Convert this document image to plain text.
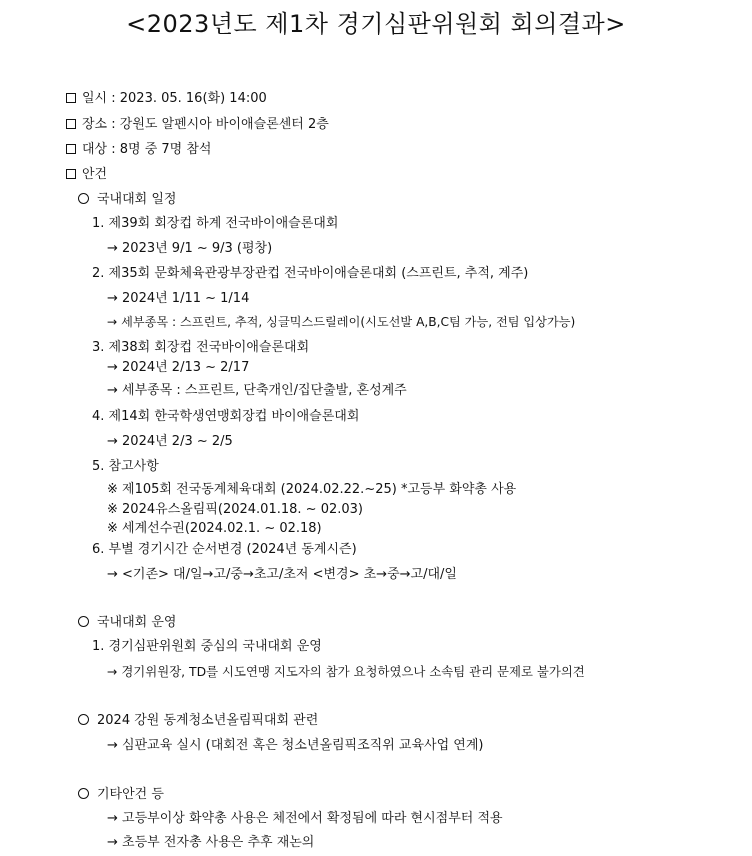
<2023년도 제1차 경기심판위원회 회의결과>
일시 : 2023. 05. 16(화) 14:00
장소 : 강원도 알펜시아 바이애슬론센터 2층
대상 : 8명 중 7명 참석
안건
국내대회 일정
1. 제39회 회장컵 하계 전국바이애슬론대회
→ 2023년 9/1 ~ 9/3 (평창)
2. 제35회 문화체육관광부장관컵 전국바이애슬론대회 (스프린트, 추적, 계주)
→ 2024년 1/11 ~ 1/14
→ 세부종목 : 스프린트, 추적, 싱글믹스드릴레이(시도선발 A,B,C팀 가능, 전팀 입상가능)
3. 제38회 회장컵 전국바이애슬론대회
→ 2024년 2/13 ~ 2/17
→ 세부종목 : 스프린트, 단축개인/집단출발, 혼성계주
4. 제14회 한국학생연맹회장컵 바이애슬론대회
→ 2024년 2/3 ~ 2/5
5. 참고사항
※ 제105회 전국동계체육대회 (2024.02.22.~25) *고등부 화약총 사용
※ 2024유스올림픽(2024.01.18. ~ 02.03)
※ 세계선수권(2024.02.1. ~ 02.18)
6. 부별 경기시간 순서변경 (2024년 동계시즌)
→ <기존> 대/일→고/중→초고/초저 <변경> 초→중→고/대/일
국내대회 운영
1. 경기심판위원회 중심의 국내대회 운영
→ 경기위원장, TD를 시도연맹 지도자의 참가 요청하였으나 소속팀 관리 문제로 불가의견
2024 강원 동계청소년올림픽대회 관련
→ 심판교육 실시 (대회전 혹은 청소년올림픽조직위 교육사업 연계)
기타안건 등
→ 고등부이상 화약총 사용은 체전에서 확정됨에 따라 현시점부터 적용
→ 초등부 전자총 사용은 추후 재논의
